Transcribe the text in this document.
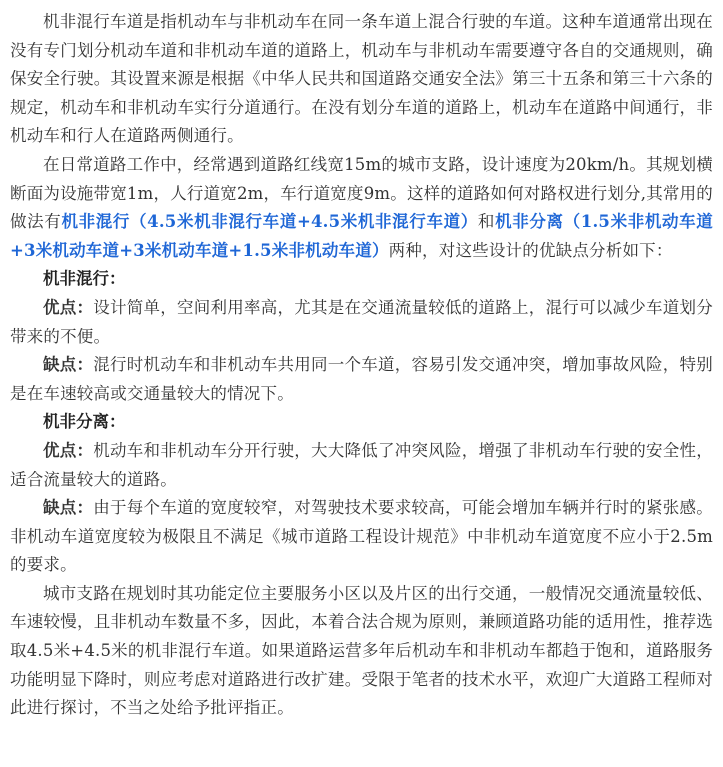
机非混行车道是指机动车与非机动车在同一条车道上混合行驶的车道。这种车道通常出现在没有专门划分机动车道和非机动车道的道路上，机动车与非机动车需要遵守各自的交通规则，确保安全行驶。其设置来源是根据《中华人民共和国道路交通安全法》第三十五条和第三十六条的规定，机动车和非机动车实行分道通行。在没有划分车道的道路上，机动车在道路中间通行，非机动车和行人在道路两侧通行。

在日常道路工作中，经常遇到道路红线宽15m的城市支路，设计速度为20km/h。其规划横断面为设施带宽1m，人行道宽2m，车行道宽度9m。这样的道路如何对路权进行划分,其常用的做法有机非混行（4.5米机非混行车道+4.5米机非混行车道）和机非分离（1.5米非机动车道+3米机动车道+3米机动车道+1.5米非机动车道）两种，对这些设计的优缺点分析如下：

机非混行：

优点：设计简单，空间利用率高，尤其是在交通流量较低的道路上，混行可以减少车道划分带来的不便。

缺点：混行时机动车和非机动车共用同一个车道，容易引发交通冲突，增加事故风险，特别是在车速较高或交通量较大的情况下。

机非分离：

优点：机动车和非机动车分开行驶，大大降低了冲突风险，增强了非机动车行驶的安全性，适合流量较大的道路。

缺点：由于每个车道的宽度较窄，对驾驶技术要求较高，可能会增加车辆并行时的紧张感。非机动车道宽度较为极限且不满足《城市道路工程设计规范》中非机动车道宽度不应小于2.5m的要求。

城市支路在规划时其功能定位主要服务小区以及片区的出行交通，一般情况交通流量较低、车速较慢，且非机动车数量不多，因此，本着合法合规为原则，兼顾道路功能的适用性，推荐选取4.5米+4.5米的机非混行车道。如果道路运营多年后机动车和非机动车都趋于饱和，道路服务功能明显下降时，则应考虑对道路进行改扩建。受限于笔者的技术水平，欢迎广大道路工程师对此进行探讨，不当之处给予批评指正。
